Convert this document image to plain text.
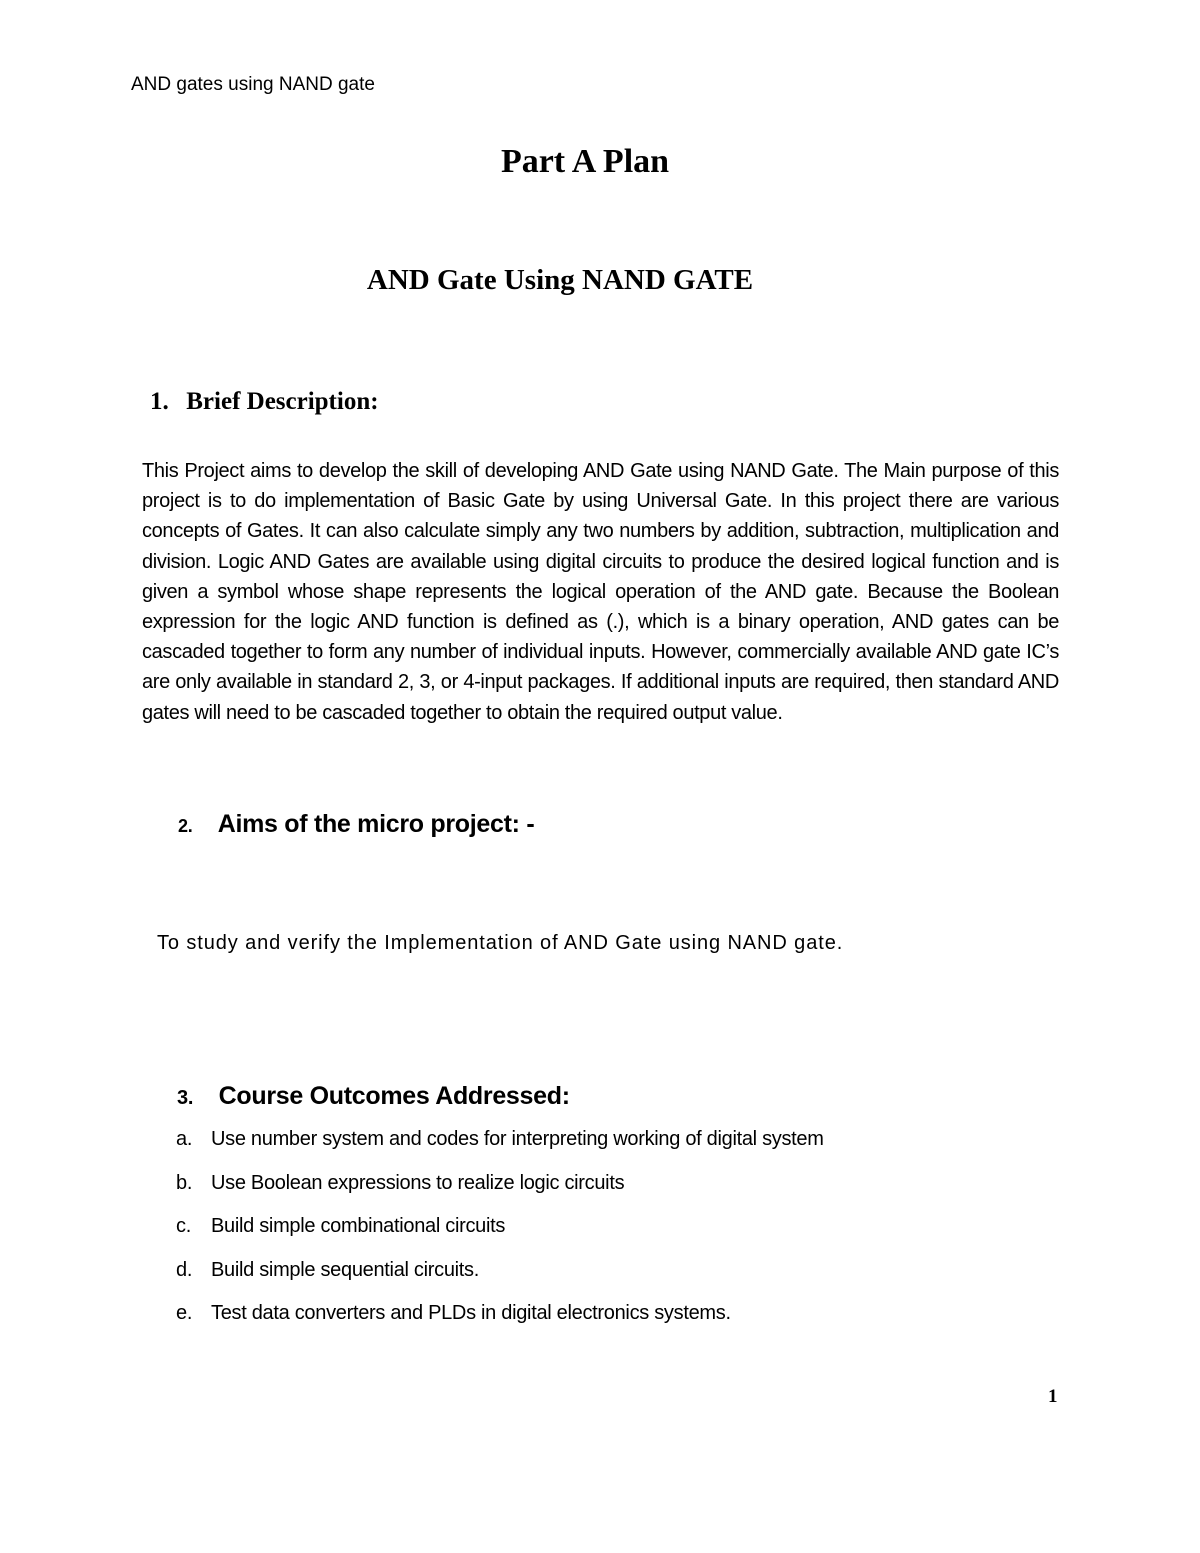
AND gates using NAND gate
Part A Plan
AND Gate Using NAND GATE
1. Brief Description:
This Project aims to develop the skill of developing AND Gate using NAND Gate. The Main purpose of this project is to do implementation of Basic Gate by using Universal Gate. In this project there are various concepts of Gates. It can also calculate simply any two numbers by addition, subtraction, multiplication and division. Logic AND Gates are available using digital circuits to produce the desired logical function and is given a symbol whose shape represents the logical operation of the AND gate. Because the Boolean expression for the logic AND function is defined as (.), which is a binary operation, AND gates can be cascaded together to form any number of individual inputs. However, commercially available AND gate IC’s are only available in standard 2, 3, or 4-input packages. If additional inputs are required, then standard AND gates will need to be cascaded together to obtain the required output value.
2. Aims of the micro project: -
To study and verify the Implementation of AND Gate using NAND gate.
3. Course Outcomes Addressed:
a. Use number system and codes for interpreting working of digital system
b. Use Boolean expressions to realize logic circuits
c.	Build simple combinational circuits
d. Build simple sequential circuits.
e. Test data converters and PLDs in digital electronics systems.
1
